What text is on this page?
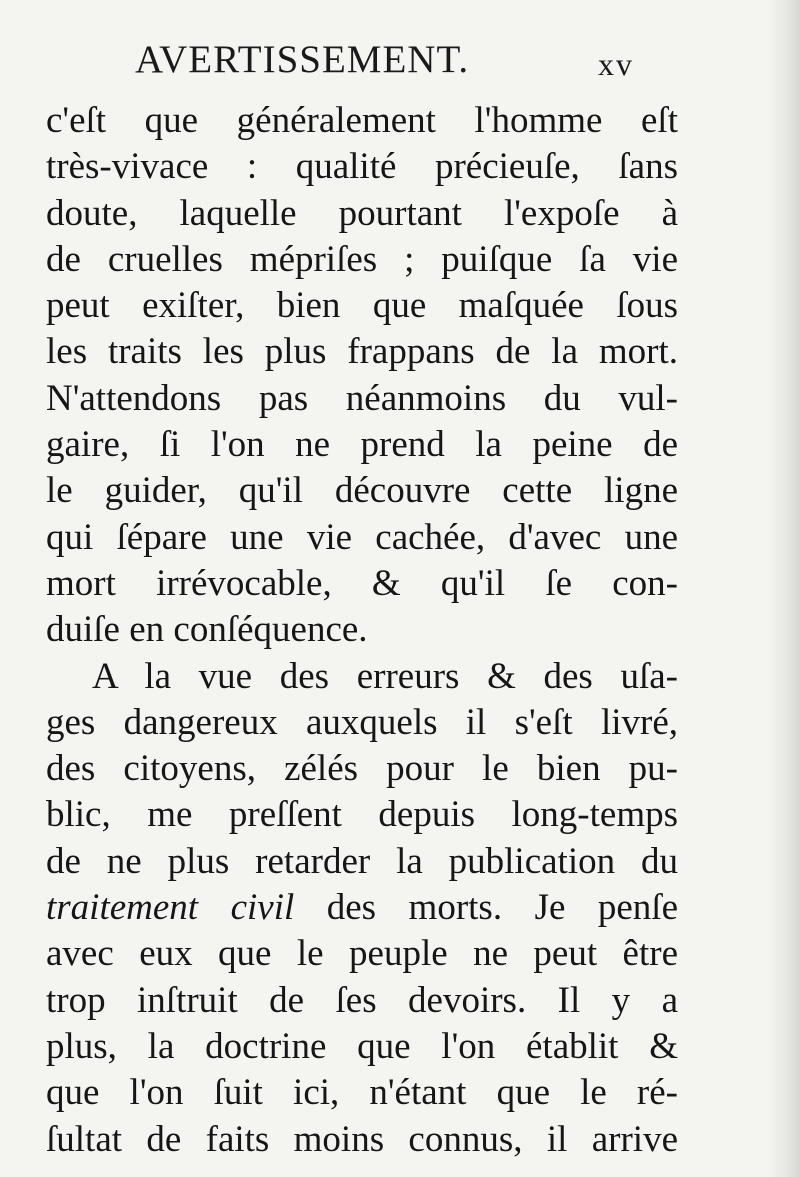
AVERTISSEMENT.	xv
c'eſt que généralement l'homme eſt
très-vivace : qualité précieuſe, ſans
doute, laquelle pourtant l'expoſe à
de cruelles mépriſes ; puiſque ſa vie
peut exiſter, bien que maſquée ſous
les traits les plus frappans de la mort.
N'attendons pas néanmoins du vul-
gaire, ſi l'on ne prend la peine de
le guider, qu'il découvre cette ligne
qui ſépare une vie cachée, d'avec une
mort irrévocable, & qu'il ſe con-
duiſe en conſéquence.
A la vue des erreurs & des uſa-
ges dangereux auxquels il s'eſt livré,
des citoyens, zélés pour le bien pu-
blic, me preſſent depuis long-temps
de ne plus retarder la publication du
traitement civil des morts. Je penſe
avec eux que le peuple ne peut être
trop inſtruit de ſes devoirs. Il y a
plus, la doctrine que l'on établit &
que l'on ſuit ici, n'étant que le ré-
ſultat de faits moins connus, il arrive
